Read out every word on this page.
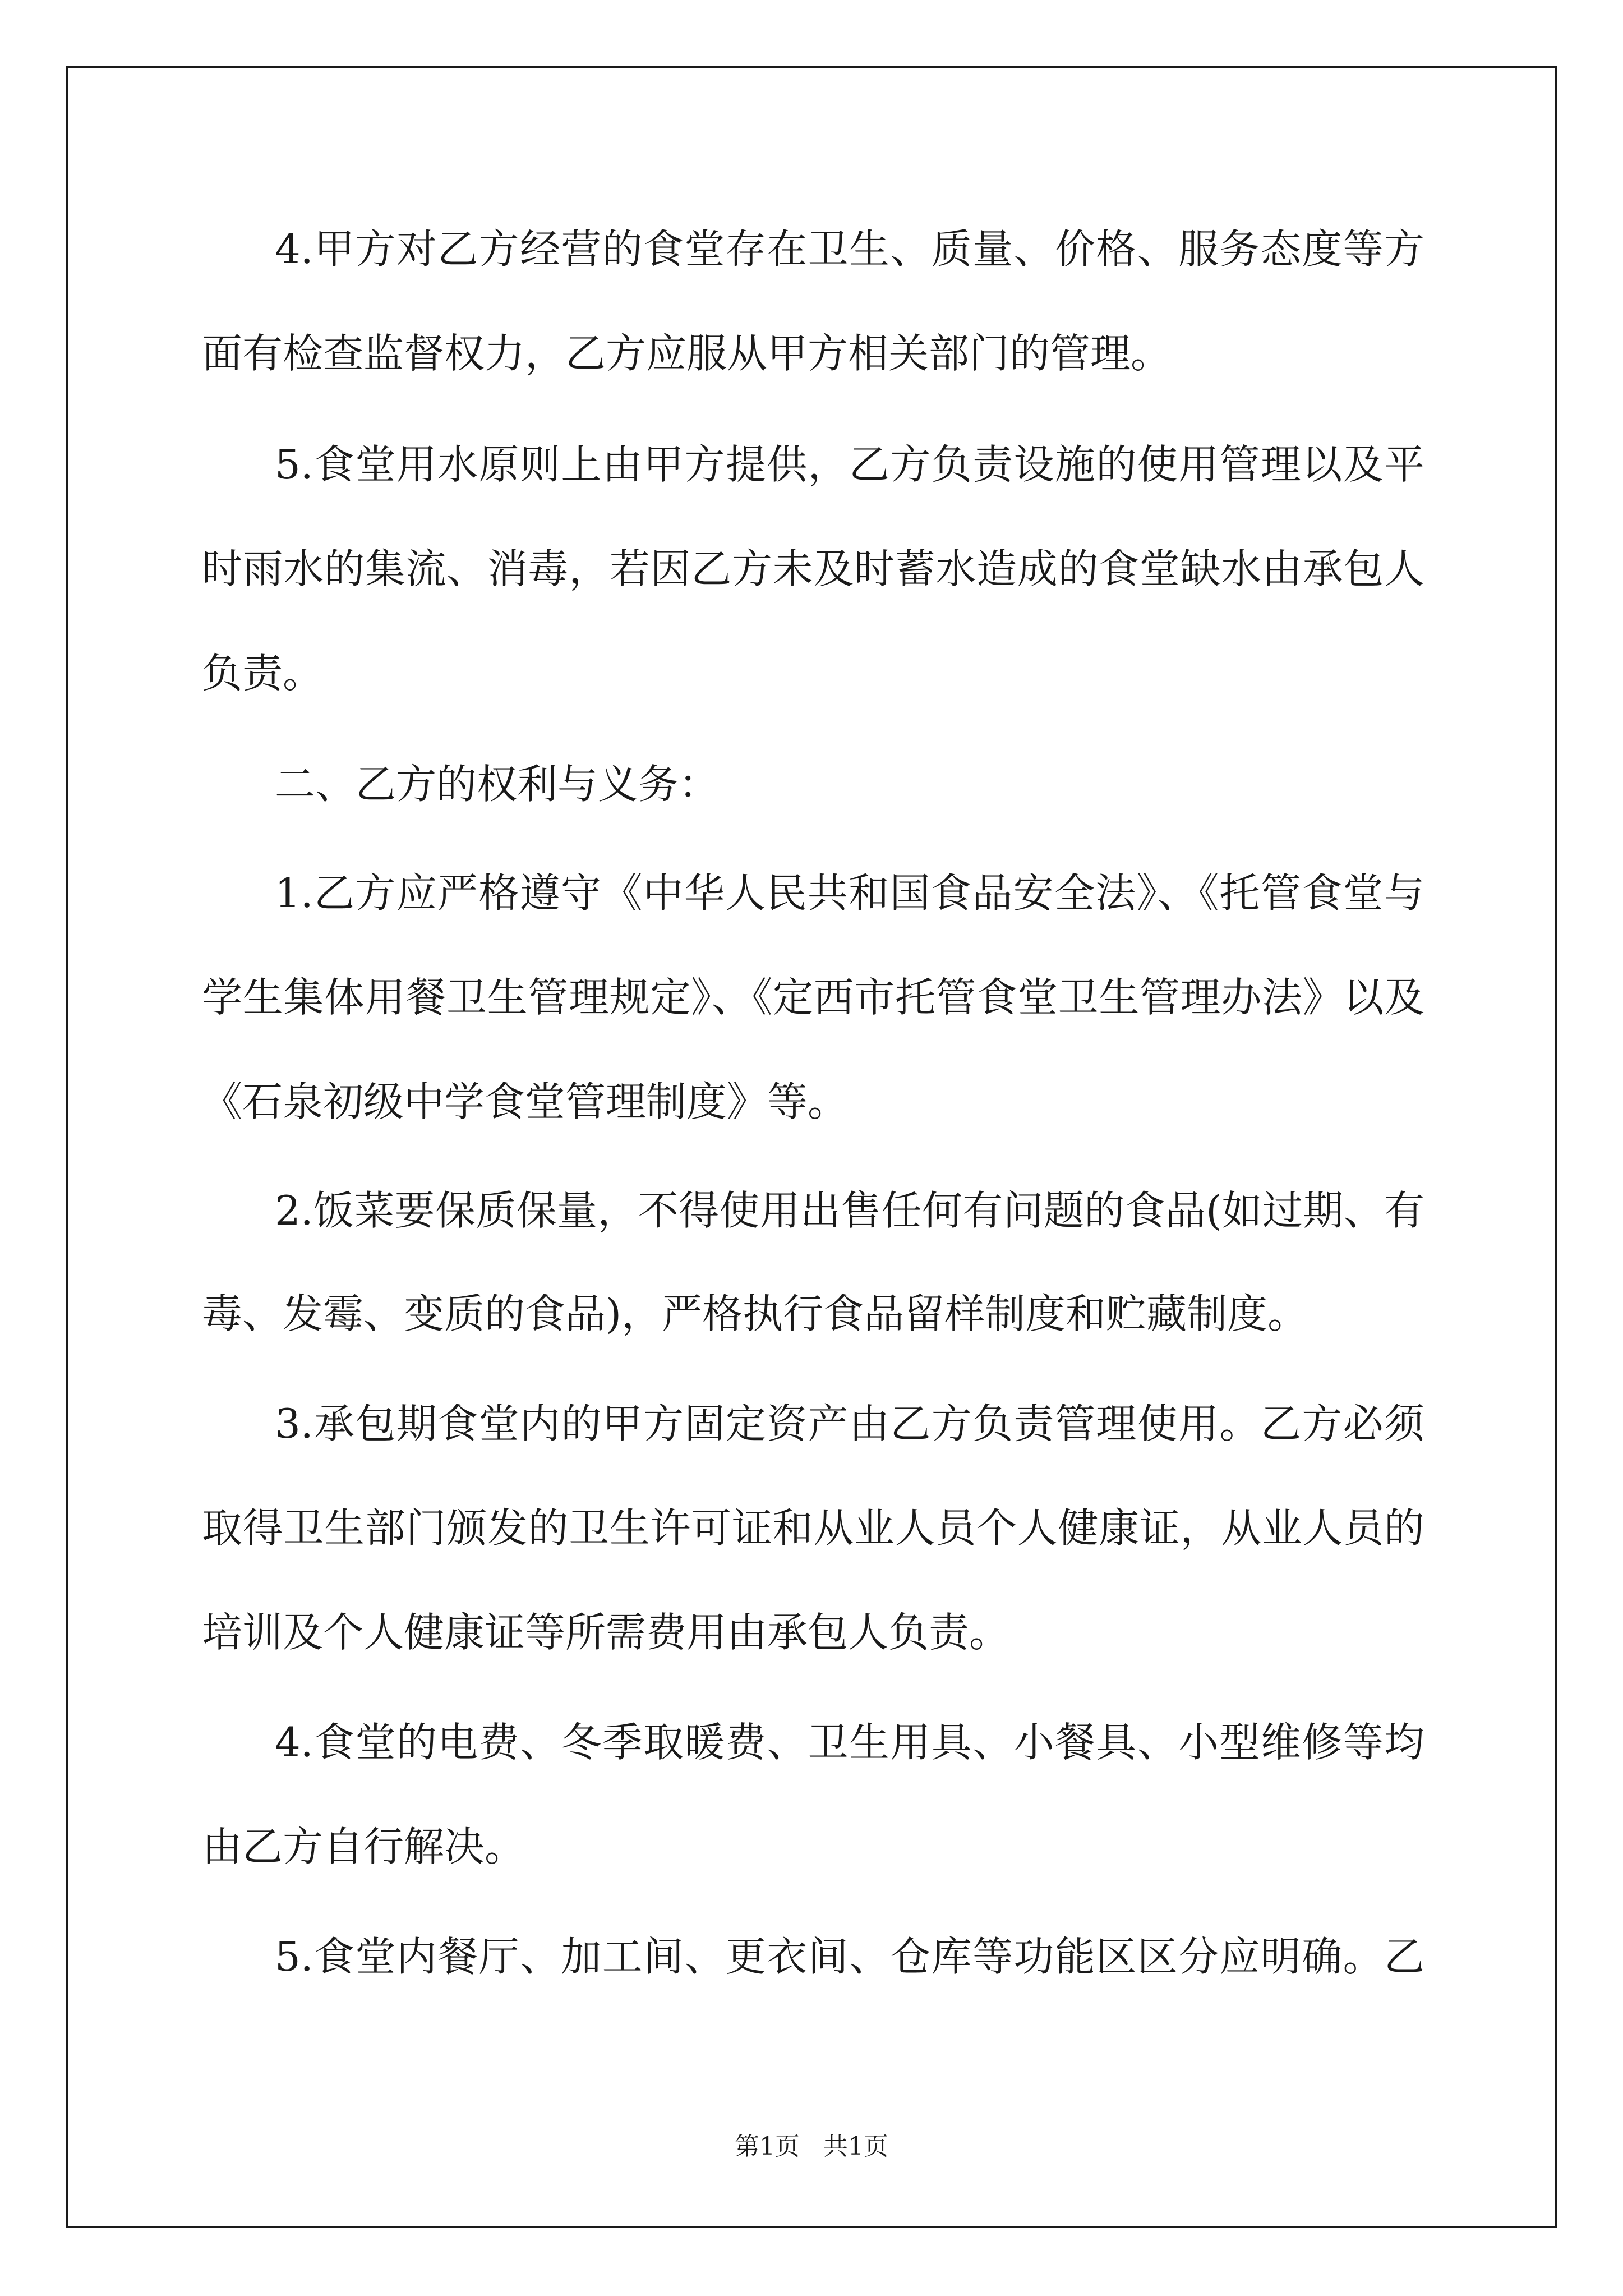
4.甲方对乙方经营的食堂存在卫生、质量、价格、服务态度等方
面有检查监督权力，乙方应服从甲方相关部门的管理。
5.食堂用水原则上由甲方提供，乙方负责设施的使用管理以及平
时雨水的集流、消毒，若因乙方未及时蓄水造成的食堂缺水由承包人
负责。
二、乙方的权利与义务：
1.乙方应严格遵守《中华人民共和国食品安全法》、《托管食堂与
学生集体用餐卫生管理规定》、《定西市托管食堂卫生管理办法》以及
《石泉初级中学食堂管理制度》等。
2.饭菜要保质保量，不得使用出售任何有问题的食品(如过期、有
毒、发霉、变质的食品)，严格执行食品留样制度和贮藏制度。
3.承包期食堂内的甲方固定资产由乙方负责管理使用。乙方必须
取得卫生部门颁发的卫生许可证和从业人员个人健康证，从业人员的
培训及个人健康证等所需费用由承包人负责。
4.食堂的电费、冬季取暖费、卫生用具、小餐具、小型维修等均
由乙方自行解决。
5.食堂内餐厅、加工间、更衣间、仓库等功能区区分应明确。乙
第1页   共1页
